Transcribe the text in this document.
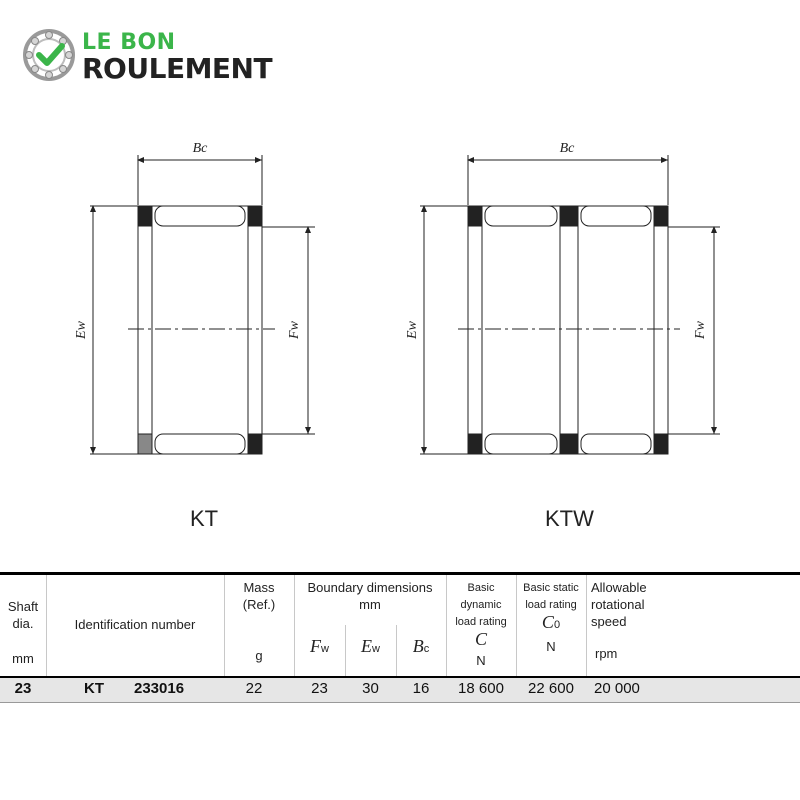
LE BON
ROULEMENT
Bc
Ew	Fw
Bc
Ew	Fw
KT	KTW
Shaft
dia.
mm
Identification number
Mass
(Ref.)
g
Boundary dimensions
mm
Fw	Ew	Bc
Basic dynamic
load rating
C
N
Basic static
load rating
C0
N
Allowable
rotational
speed
rpm
23	KT	233016	22	23	30	16	18 600	22 600	20 000
